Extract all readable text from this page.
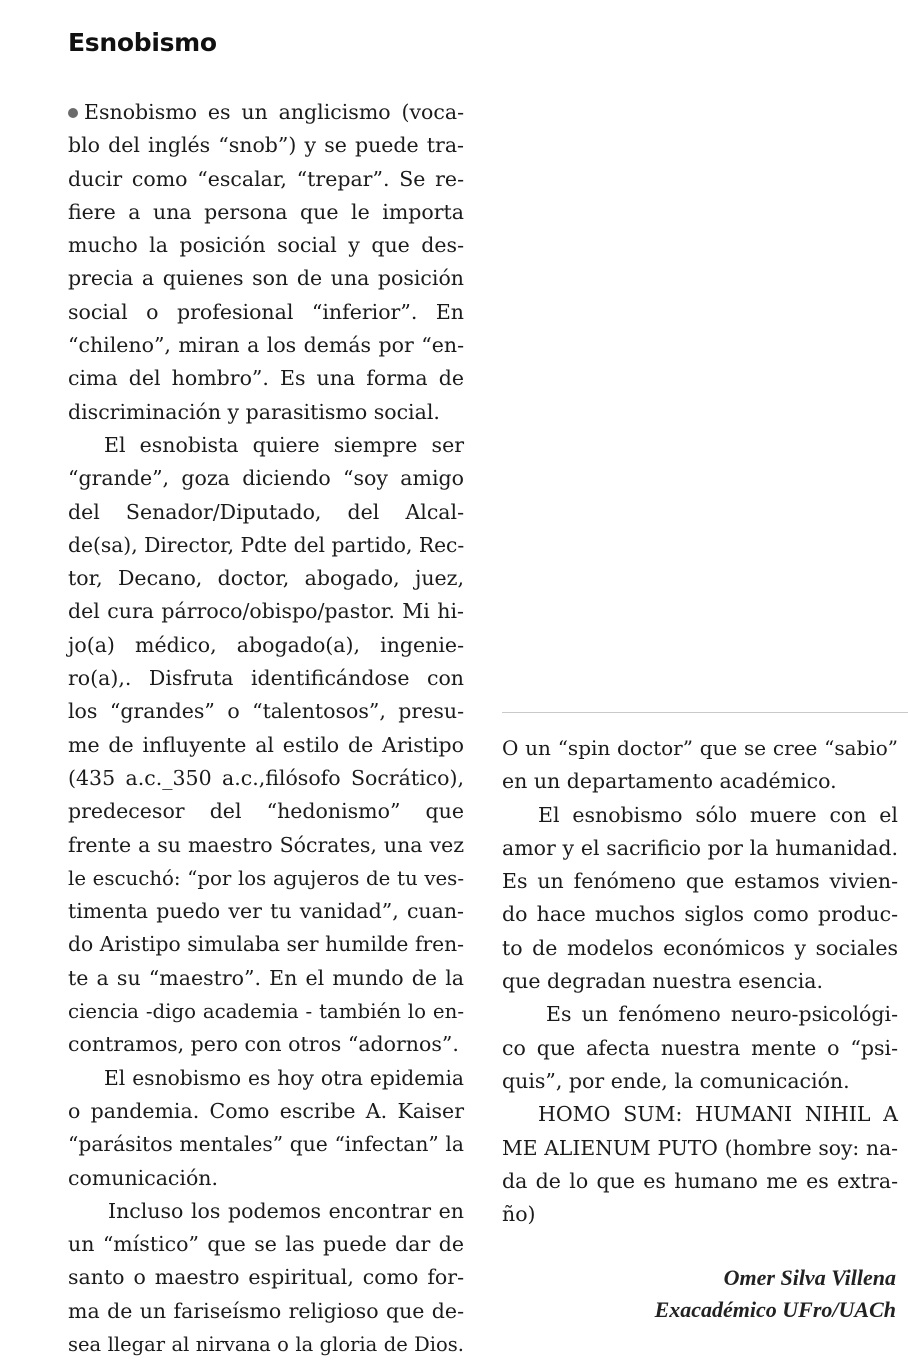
Esnobismo
Esnobismo es un anglicismo (voca-
blo del inglés “snob”) y se puede tra-
ducir como “escalar, “trepar”. Se re-
fiere a una persona que le importa
mucho la posición social y que des-
precia a quienes son de una posición
social o profesional “inferior”. En
“chileno”, miran a los demás por “en-
cima del hombro”. Es una forma de
discriminación y parasitismo social.
El esnobista quiere siempre ser
“grande”, goza diciendo “soy amigo
del Senador/Diputado, del Alcal-
de(sa), Director, Pdte del partido, Rec-
tor, Decano, doctor, abogado, juez,
del cura párroco/obispo/pastor. Mi hi-
jo(a) médico, abogado(a), ingenie-
ro(a),. Disfruta identificándose con
los “grandes” o “talentosos”, presu-
me de influyente al estilo de Aristipo
(435 a.c._350 a.c.,filósofo Socrático),
predecesor del “hedonismo” que
frente a su maestro Sócrates, una vez
le escuchó: “por los agujeros de tu ves-
timenta puedo ver tu vanidad”, cuan-
do Aristipo simulaba ser humilde fren-
te a su “maestro”. En el mundo de la
ciencia -digo academia - también lo en-
contramos, pero con otros “adornos”.
El esnobismo es hoy otra epidemia
o pandemia. Como escribe A. Kaiser
“parásitos mentales” que “infectan” la
comunicación.
Incluso los podemos encontrar en
un “místico” que se las puede dar de
santo o maestro espiritual, como for-
ma de un fariseísmo religioso que de-
sea llegar al nirvana o la gloria de Dios.
O un “spin doctor” que se cree “sabio”
en un departamento académico.
El esnobismo sólo muere con el
amor y el sacrificio por la humanidad.
Es un fenómeno que estamos vivien-
do hace muchos siglos como produc-
to de modelos económicos y sociales
que degradan nuestra esencia.
Es un fenómeno neuro-psicológi-
co que afecta nuestra mente o “psi-
quis”, por ende, la comunicación.
HOMO SUM: HUMANI NIHIL A
ME ALIENUM PUTO (hombre soy: na-
da de lo que es humano me es extra-
ño)
Omer Silva Villena
Exacadémico UFro/UACh
